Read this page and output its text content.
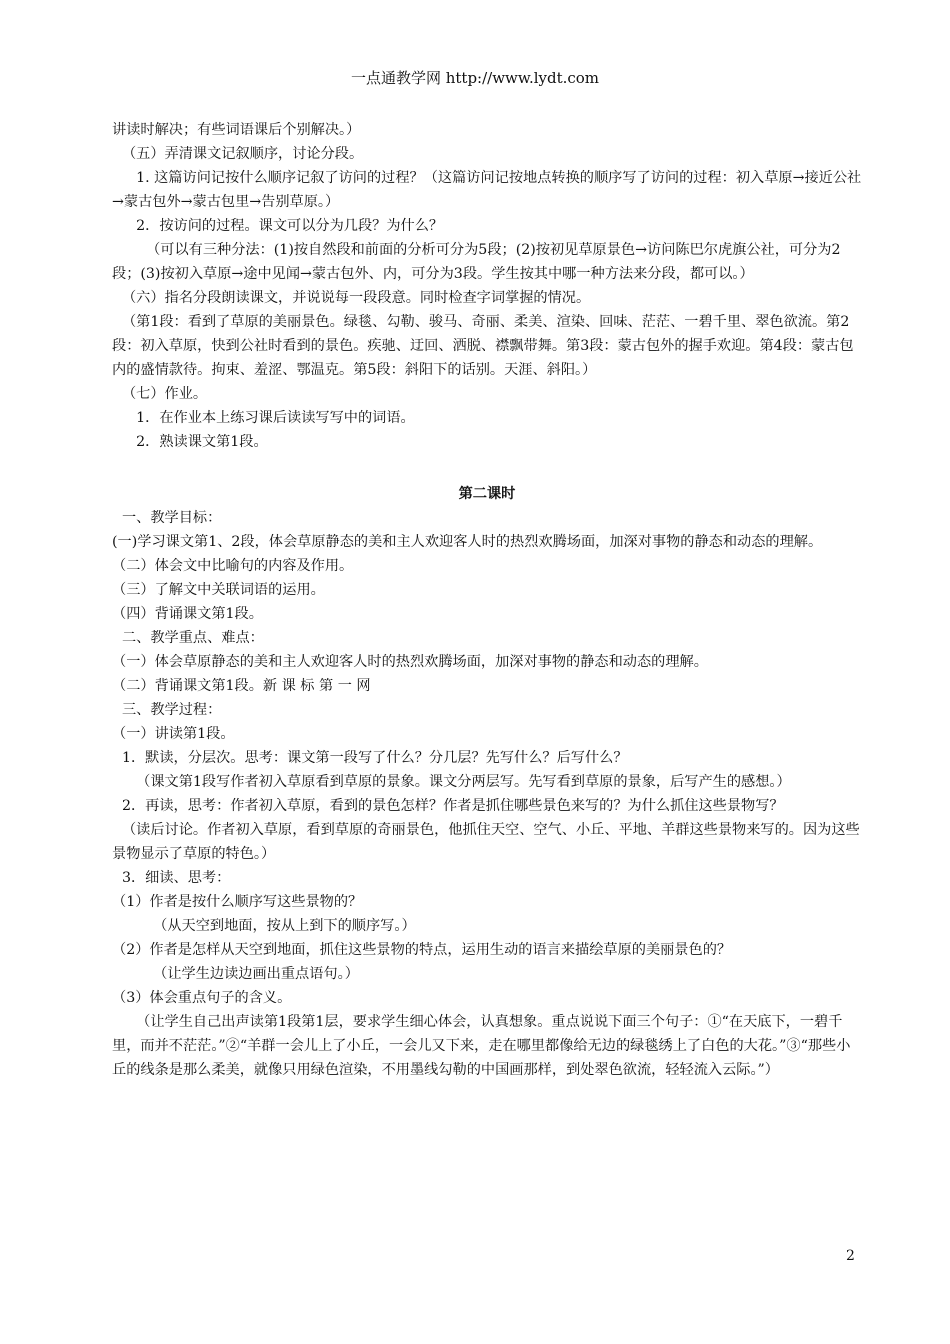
一点通教学网 http://www.lydt.com

讲读时解决；有些词语课后个别解决。）

（五）弄清课文记叙顺序，讨论分段。

1. 这篇访问记按什么顺序记叙了访问的过程？（这篇访问记按地点转换的顺序写了访问的过程：初入草原→接近公社→蒙古包外→蒙古包里→告别草原。）

2．按访问的过程。课文可以分为几段？为什么？

（可以有三种分法：(1)按自然段和前面的分析可分为5段；(2)按初见草原景色→访问陈巴尔虎旗公社，可分为2段；(3)按初入草原→途中见闻→蒙古包外、内，可分为3段。学生按其中哪一种方法来分段，都可以。）

（六）指名分段朗读课文，并说说每一段段意。同时检查字词掌握的情况。

（第1段：看到了草原的美丽景色。绿毯、勾勒、骏马、奇丽、柔美、渲染、回味、茫茫、一碧千里、翠色欲流。第2段：初入草原，快到公社时看到的景色。疾驰、迂回、洒脱、襟飘带舞。第3段：蒙古包外的握手欢迎。第4段：蒙古包内的盛情款待。拘束、羞涩、鄂温克。第5段：斜阳下的话别。天涯、斜阳。）

（七）作业。

1．在作业本上练习课后读读写写中的词语。

2．熟读课文第1段。

第二课时

一、教学目标：

(一)学习课文第1、2段，体会草原静态的美和主人欢迎客人时的热烈欢腾场面，加深对事物的静态和动态的理解。

（二）体会文中比喻句的内容及作用。

（三）了解文中关联词语的运用。

（四）背诵课文第1段。

二、教学重点、难点：

（一）体会草原静态的美和主人欢迎客人时的热烈欢腾场面，加深对事物的静态和动态的理解。

（二）背诵课文第1段。新 课 标 第 一 网

三、教学过程：

（一）讲读第1段。

1．默读，分层次。思考：课文第一段写了什么？分几层？先写什么？后写什么？

（课文第1段写作者初入草原看到草原的景象。课文分两层写。先写看到草原的景象，后写产生的感想。）

2．再读，思考：作者初入草原，看到的景色怎样？作者是抓住哪些景色来写的？为什么抓住这些景物写？

（读后讨论。作者初入草原，看到草原的奇丽景色，他抓住天空、空气、小丘、平地、羊群这些景物来写的。因为这些景物显示了草原的特色。）

3．细读、思考：

（1）作者是按什么顺序写这些景物的？

（从天空到地面，按从上到下的顺序写。）

（2）作者是怎样从天空到地面，抓住这些景物的特点，运用生动的语言来描绘草原的美丽景色的？

（让学生边读边画出重点语句。）

（3）体会重点句子的含义。

（让学生自己出声读第1段第1层，要求学生细心体会，认真想象。重点说说下面三个句子：①“在天底下，一碧千里，而并不茫茫。”②“羊群一会儿上了小丘，一会儿又下来，走在哪里都像给无边的绿毯绣上了白色的大花。”③“那些小丘的线条是那么柔美，就像只用绿色渲染，不用墨线勾勒的中国画那样，到处翠色欲流，轻轻流入云际。”）

2
